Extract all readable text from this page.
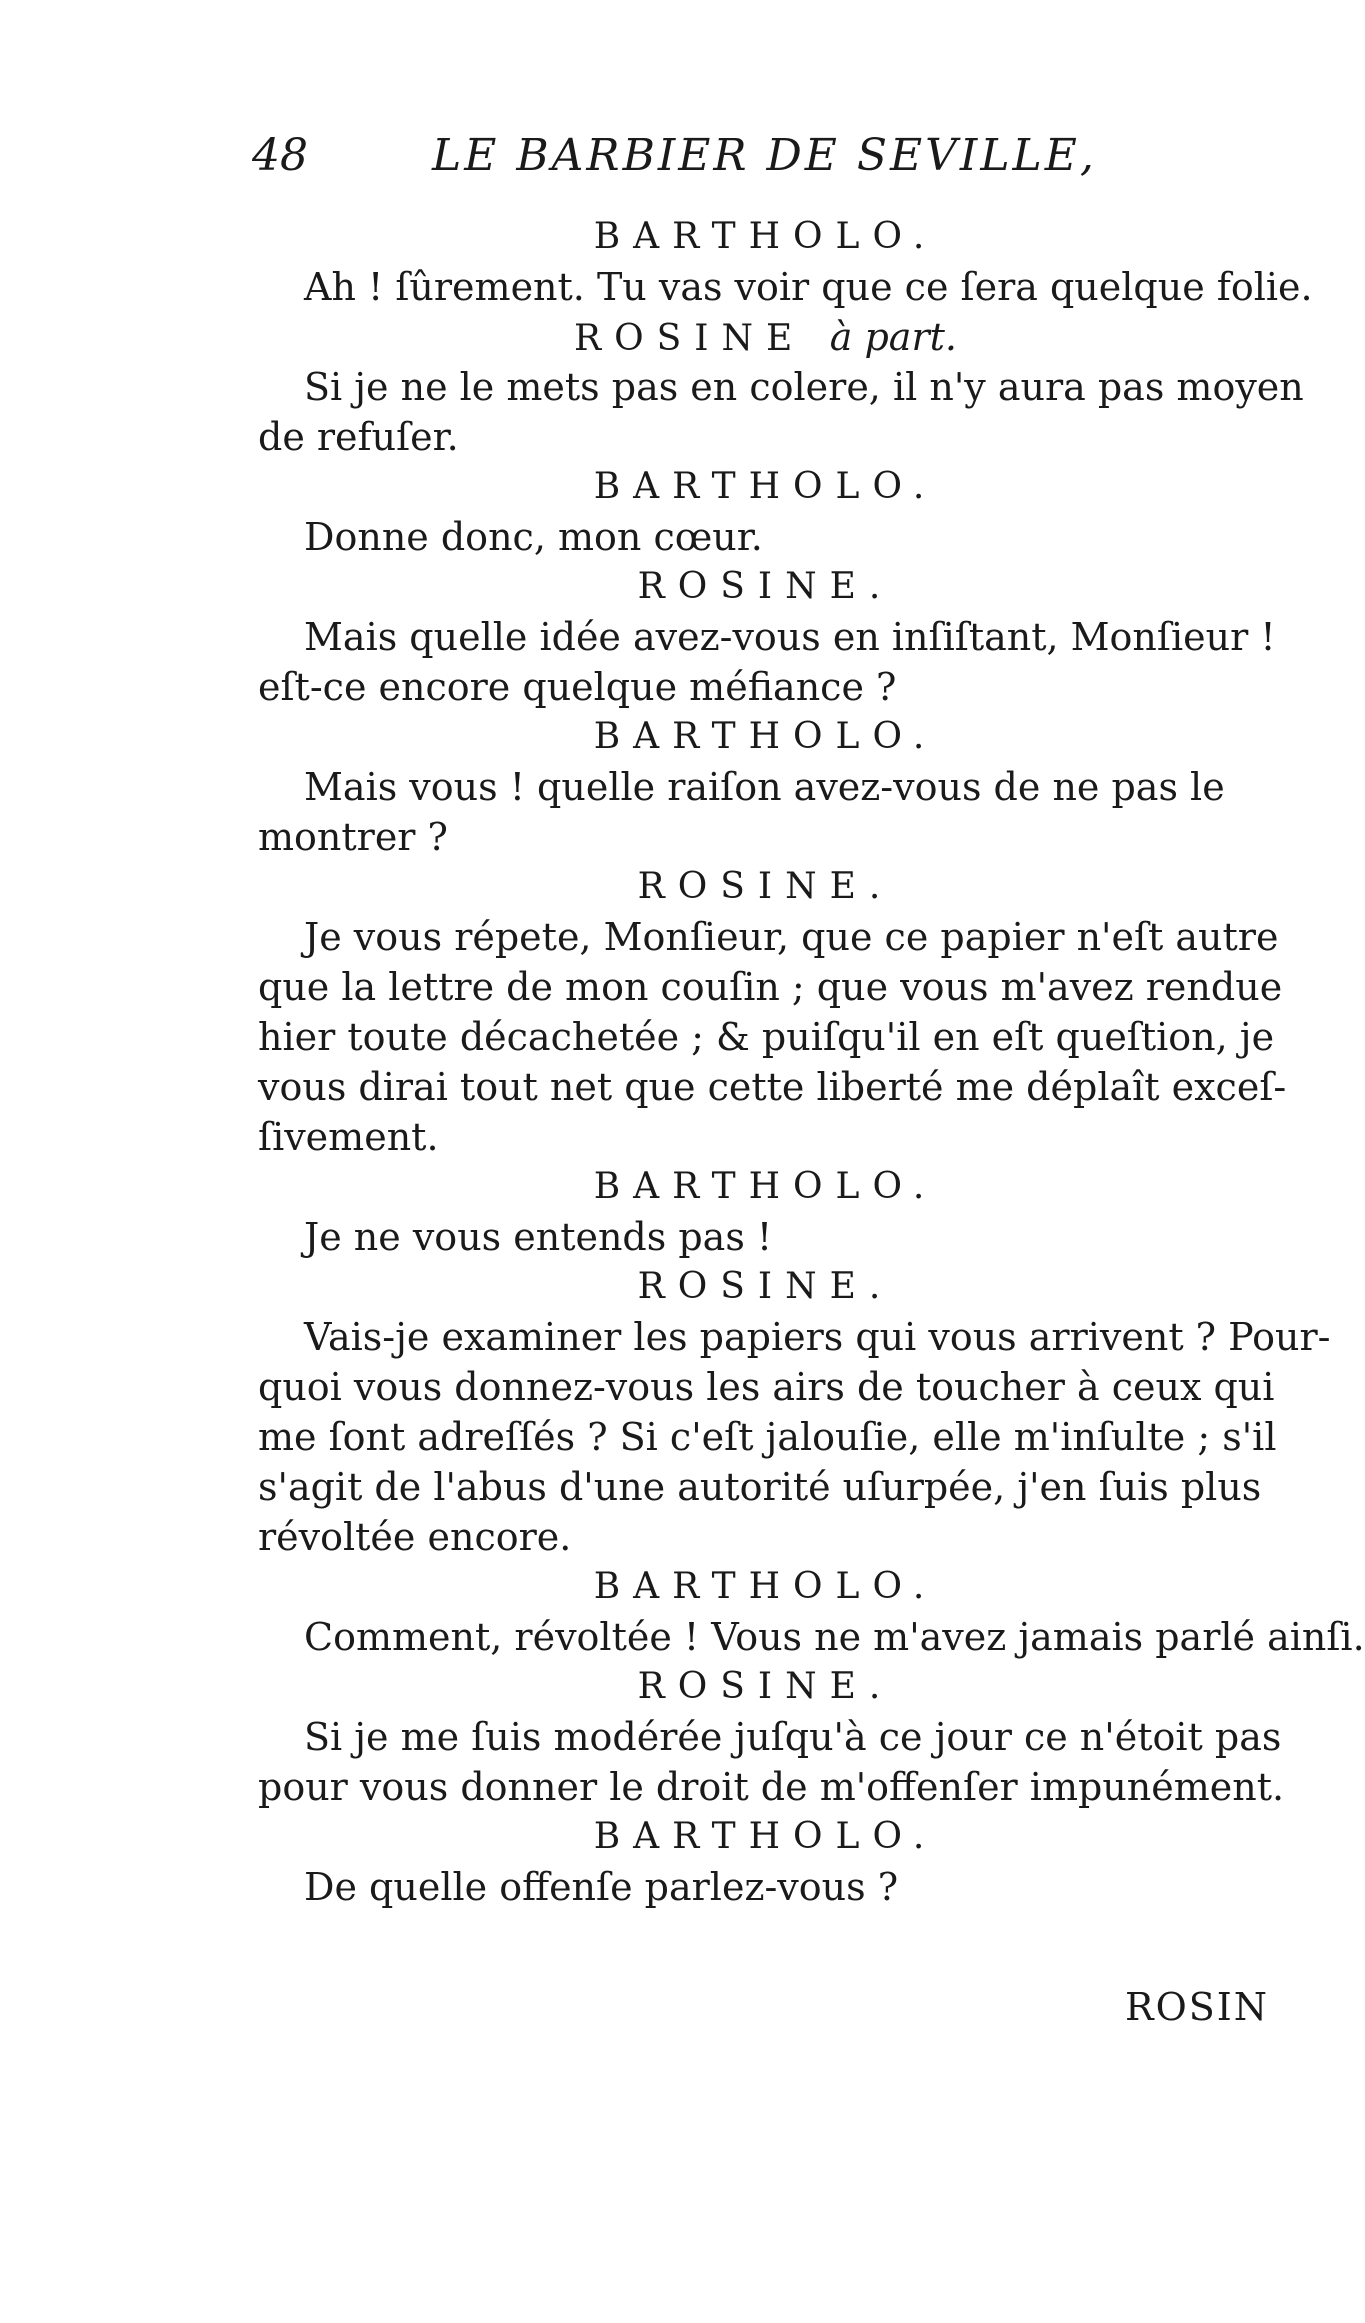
48	LE BARBIER DE SEVILLE,
BARTHOLO.

Ah ! ſûrement. Tu vas voir que ce ſera quelque folie.

ROSINE à part.

Si je ne le mets pas en colere, il n'y aura pas moyen
de refuſer.

BARTHOLO.

Donne donc, mon cœur.

ROSINE.

Mais quelle idée avez-vous en inſiſtant, Monſieur !
eſt-ce encore quelque méfiance ?

BARTHOLO.

Mais vous ! quelle raiſon avez-vous de ne pas le
montrer ?

ROSINE.

Je vous répete, Monſieur, que ce papier n'eſt autre
que la lettre de mon couſin ; que vous m'avez rendue
hier toute décachetée ; & puiſqu'il en eſt queſtion, je
vous dirai tout net que cette liberté me déplaît exceſ-
ſivement.

BARTHOLO.

Je ne vous entends pas !

ROSINE.

Vais-je examiner les papiers qui vous arrivent ? Pour-
quoi vous donnez-vous les airs de toucher à ceux qui
me ſont adreſſés ? Si c'eſt jalouſie, elle m'inſulte ; s'il
s'agit de l'abus d'une autorité uſurpée, j'en ſuis plus
révoltée encore.

BARTHOLO.

Comment, révoltée ! Vous ne m'avez jamais parlé ainſi.

ROSINE.

Si je me ſuis modérée juſqu'à ce jour ce n'étoit pas
pour vous donner le droit de m'offenſer impunément.

BARTHOLO.

De quelle offenſe parlez-vous ?

ROSIN
